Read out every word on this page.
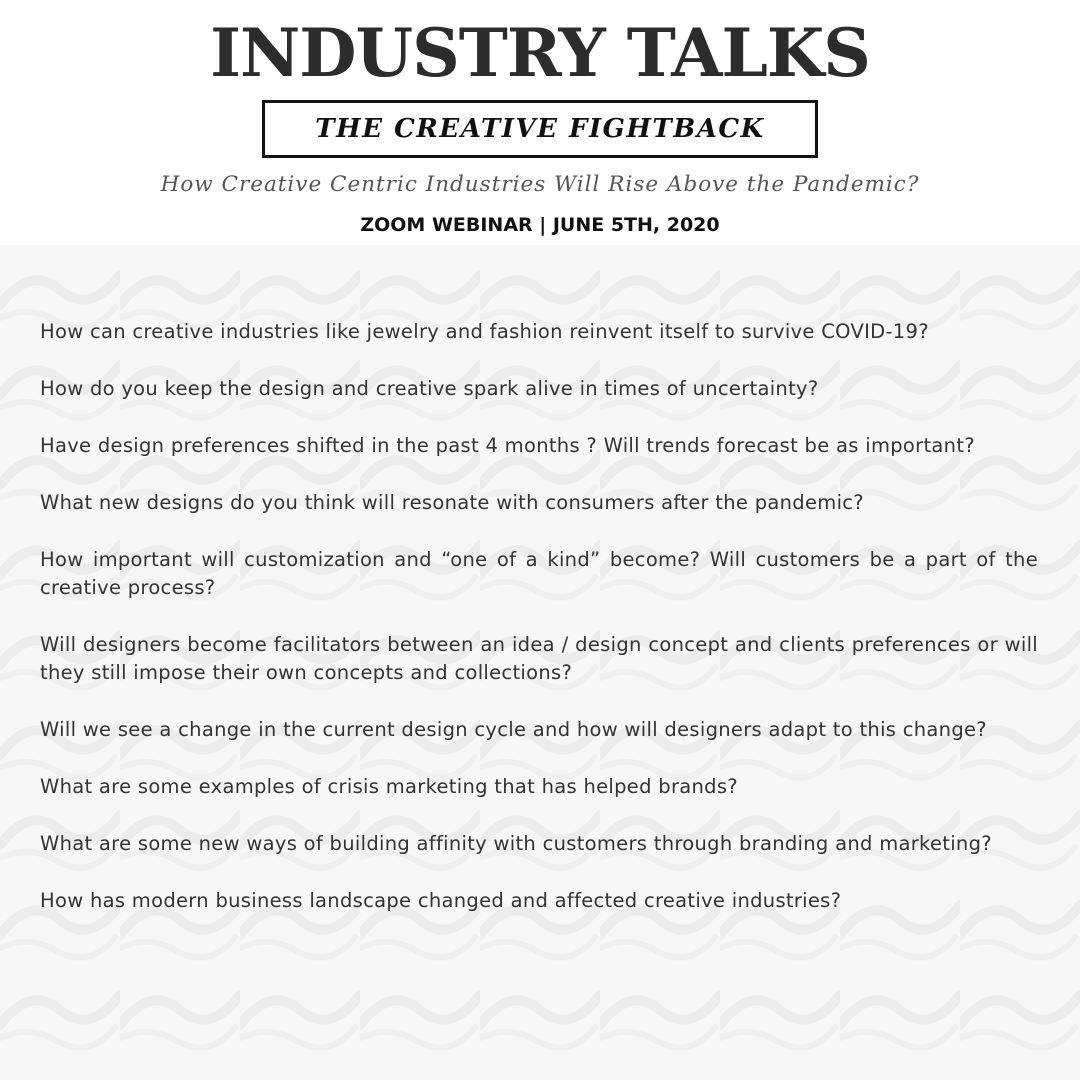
INDUSTRY TALKS
THE CREATIVE FIGHTBACK
How Creative Centric Industries Will Rise Above the Pandemic?
ZOOM WEBINAR | JUNE 5TH, 2020

How can creative industries like jewelry and fashion reinvent itself to survive COVID-19?

How do you keep the design and creative spark alive in times of uncertainty?

Have design preferences shifted in the past 4 months ? Will trends forecast be as important?

What new designs do you think will resonate with consumers after the pandemic?

How important will customization and “one of a kind” become? Will customers be a part of the creative process?

Will designers become facilitators between an idea / design concept and clients preferences or will they still impose their own concepts and collections?

Will we see a change in the current design cycle and how will designers adapt to this change?

What are some examples of crisis marketing that has helped brands?

What are some new ways of building affinity with customers through branding and marketing?

How has modern business landscape changed and affected creative industries?
